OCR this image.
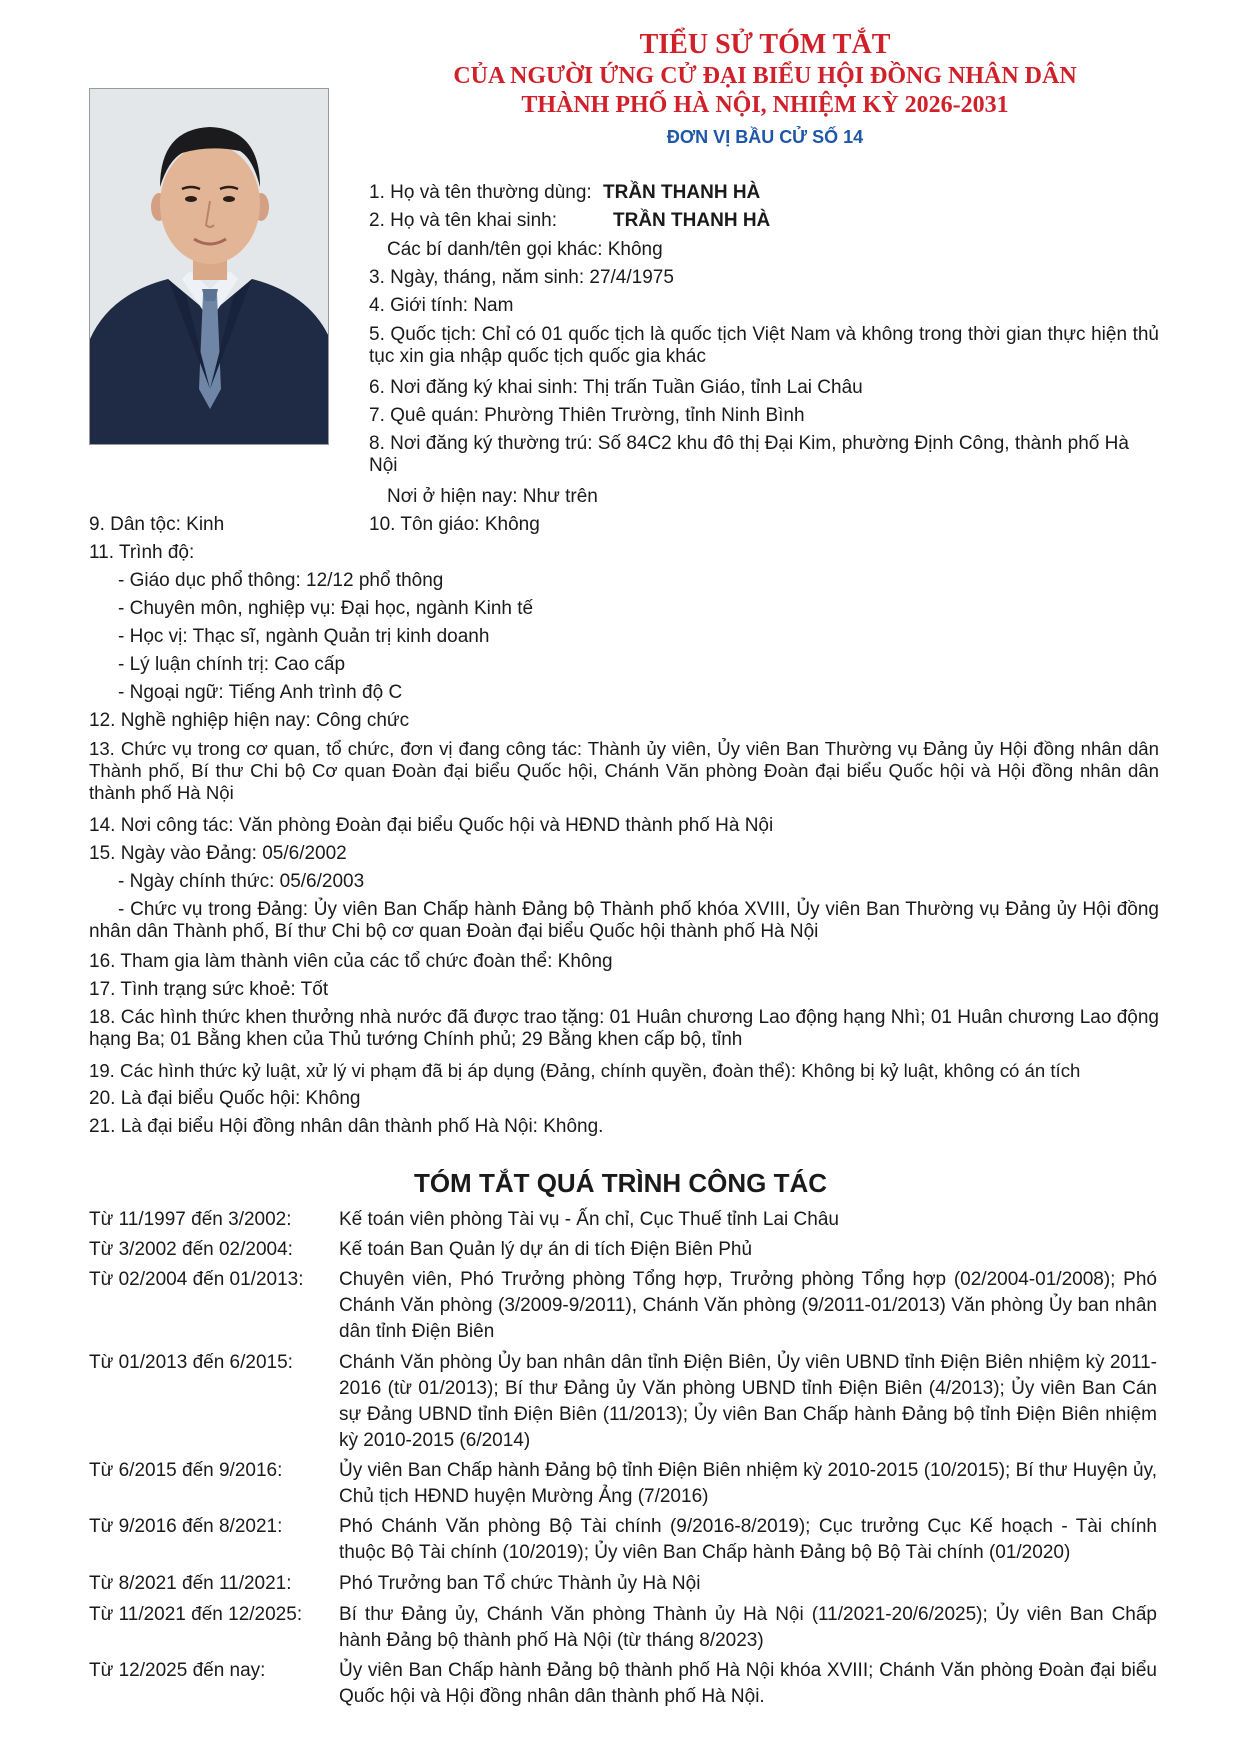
TIỂU SỬ TÓM TẮT
CỦA NGƯỜI ỨNG CỬ ĐẠI BIỂU HỘI ĐỒNG NHÂN DÂN
THÀNH PHỐ HÀ NỘI, NHIỆM KỲ 2026-2031
ĐƠN VỊ BẦU CỬ SỐ 14
1. Họ và tên thường dùng: TRẦN THANH HÀ
2. Họ và tên khai sinh:	TRẦN THANH HÀ
Các bí danh/tên gọi khác: Không
3. Ngày, tháng, năm sinh: 27/4/1975
4. Giới tính: Nam
5. Quốc tịch: Chỉ có 01 quốc tịch là quốc tịch Việt Nam và không trong thời gian thực hiện thủ tục xin gia nhập quốc tịch quốc gia khác
6. Nơi đăng ký khai sinh: Thị trấn Tuần Giáo, tỉnh Lai Châu
7. Quê quán: Phường Thiên Trường, tỉnh Ninh Bình
8. Nơi đăng ký thường trú: Số 84C2 khu đô thị Đại Kim, phường Định Công, thành phố Hà Nội
Nơi ở hiện nay: Như trên
9. Dân tộc: Kinh	10. Tôn giáo: Không
11. Trình độ:
- Giáo dục phổ thông: 12/12 phổ thông
- Chuyên môn, nghiệp vụ: Đại học, ngành Kinh tế
- Học vị: Thạc sĩ, ngành Quản trị kinh doanh
- Lý luận chính trị: Cao cấp
- Ngoại ngữ: Tiếng Anh trình độ C
12. Nghề nghiệp hiện nay: Công chức
13. Chức vụ trong cơ quan, tổ chức, đơn vị đang công tác: Thành ủy viên, Ủy viên Ban Thường vụ Đảng ủy Hội đồng nhân dân Thành phố, Bí thư Chi bộ Cơ quan Đoàn đại biểu Quốc hội, Chánh Văn phòng Đoàn đại biểu Quốc hội và Hội đồng nhân dân thành phố Hà Nội
14. Nơi công tác: Văn phòng Đoàn đại biểu Quốc hội và HĐND thành phố Hà Nội
15. Ngày vào Đảng: 05/6/2002
- Ngày chính thức: 05/6/2003
- Chức vụ trong Đảng: Ủy viên Ban Chấp hành Đảng bộ Thành phố khóa XVIII, Ủy viên Ban Thường vụ Đảng ủy Hội đồng nhân dân Thành phố, Bí thư Chi bộ cơ quan Đoàn đại biểu Quốc hội thành phố Hà Nội
16. Tham gia làm thành viên của các tổ chức đoàn thể: Không
17. Tình trạng sức khoẻ: Tốt
18. Các hình thức khen thưởng nhà nước đã được trao tặng: 01 Huân chương Lao động hạng Nhì; 01 Huân chương Lao động hạng Ba; 01 Bằng khen của Thủ tướng Chính phủ; 29 Bằng khen cấp bộ, tỉnh
19. Các hình thức kỷ luật, xử lý vi phạm đã bị áp dụng (Đảng, chính quyền, đoàn thể): Không bị kỷ luật, không có án tích
20. Là đại biểu Quốc hội: Không
21. Là đại biểu Hội đồng nhân dân thành phố Hà Nội: Không.
TÓM TẮT QUÁ TRÌNH CÔNG TÁC
Từ 11/1997 đến 3/2002:	Kế toán viên phòng Tài vụ - Ấn chỉ, Cục Thuế tỉnh Lai Châu
Từ 3/2002 đến 02/2004:	Kế toán Ban Quản lý dự án di tích Điện Biên Phủ
Từ 02/2004 đến 01/2013:	Chuyên viên, Phó Trưởng phòng Tổng hợp, Trưởng phòng Tổng hợp (02/2004-01/2008); Phó Chánh Văn phòng (3/2009-9/2011), Chánh Văn phòng (9/2011-01/2013) Văn phòng Ủy ban nhân dân tỉnh Điện Biên
Từ 01/2013 đến 6/2015:	Chánh Văn phòng Ủy ban nhân dân tỉnh Điện Biên, Ủy viên UBND tỉnh Điện Biên nhiệm kỳ 2011-2016 (từ 01/2013); Bí thư Đảng ủy Văn phòng UBND tỉnh Điện Biên (4/2013); Ủy viên Ban Cán sự Đảng UBND tỉnh Điện Biên (11/2013); Ủy viên Ban Chấp hành Đảng bộ tỉnh Điện Biên nhiệm kỳ 2010-2015 (6/2014)
Từ 6/2015 đến 9/2016:	Ủy viên Ban Chấp hành Đảng bộ tỉnh Điện Biên nhiệm kỳ 2010-2015 (10/2015); Bí thư Huyện ủy, Chủ tịch HĐND huyện Mường Ảng (7/2016)
Từ 9/2016 đến 8/2021:	Phó Chánh Văn phòng Bộ Tài chính (9/2016-8/2019); Cục trưởng Cục Kế hoạch - Tài chính thuộc Bộ Tài chính (10/2019); Ủy viên Ban Chấp hành Đảng bộ Bộ Tài chính (01/2020)
Từ 8/2021 đến 11/2021:	Phó Trưởng ban Tổ chức Thành ủy Hà Nội
Từ 11/2021 đến 12/2025:	Bí thư Đảng ủy, Chánh Văn phòng Thành ủy Hà Nội (11/2021-20/6/2025); Ủy viên Ban Chấp hành Đảng bộ thành phố Hà Nội (từ tháng 8/2023)
Từ 12/2025 đến nay:	Ủy viên Ban Chấp hành Đảng bộ thành phố Hà Nội khóa XVIII; Chánh Văn phòng Đoàn đại biểu Quốc hội và Hội đồng nhân dân thành phố Hà Nội.
